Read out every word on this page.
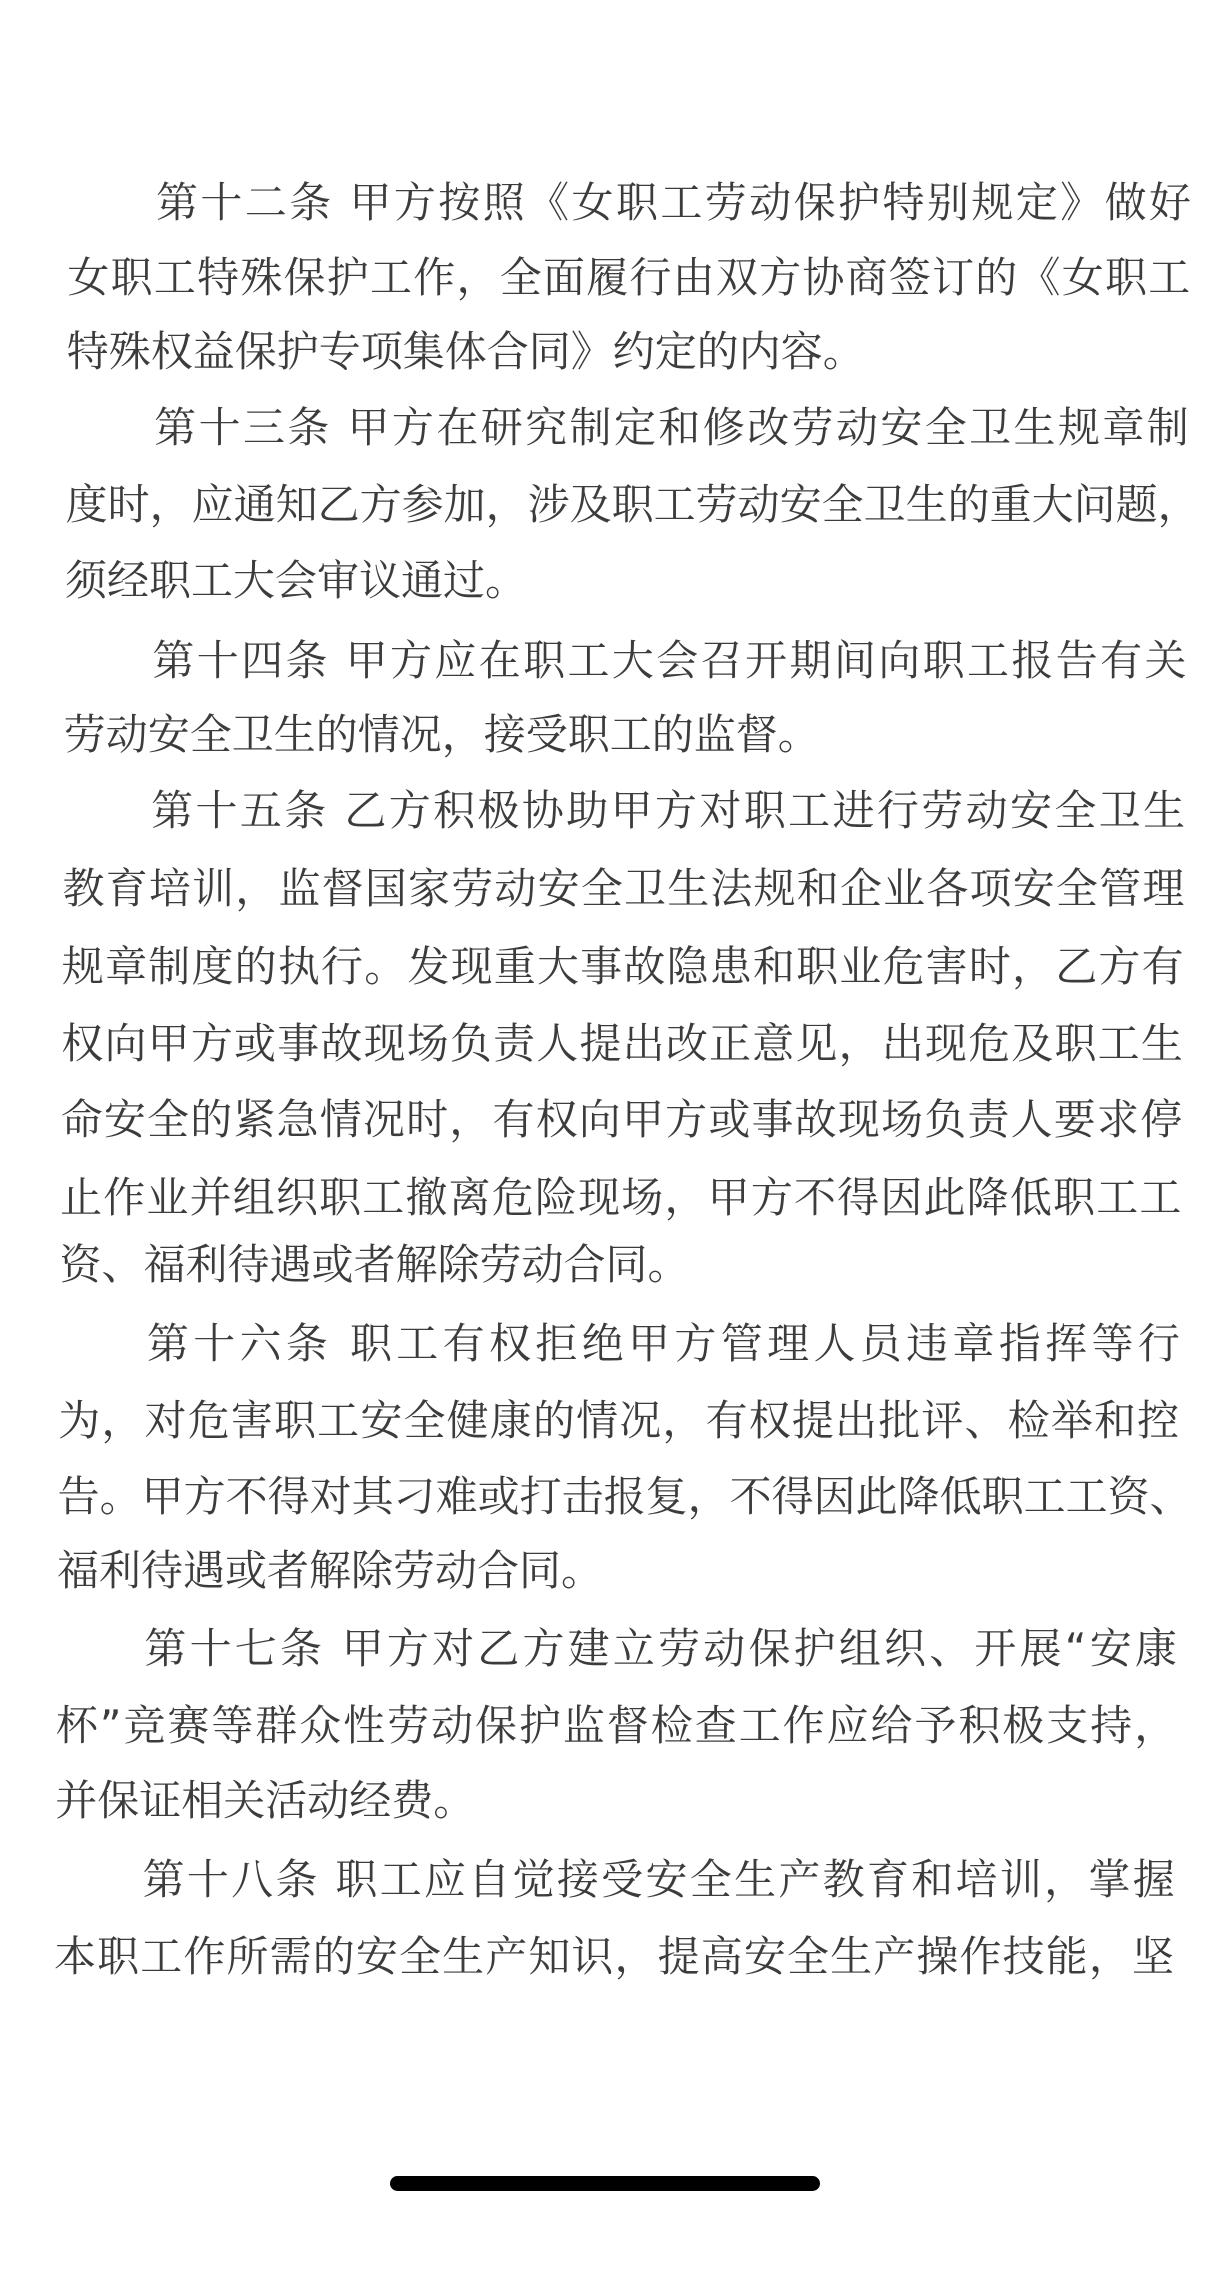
第十二条 甲方按照《女职工劳动保护特别规定》做好
女职工特殊保护工作，全面履行由双方协商签订的《女职工
特殊权益保护专项集体合同》约定的内容。
第十三条 甲方在研究制定和修改劳动安全卫生规章制
度时，应通知乙方参加，涉及职工劳动安全卫生的重大问题，
须经职工大会审议通过。
第十四条 甲方应在职工大会召开期间向职工报告有关
劳动安全卫生的情况，接受职工的监督。
第十五条 乙方积极协助甲方对职工进行劳动安全卫生
教育培训，监督国家劳动安全卫生法规和企业各项安全管理
规章制度的执行。发现重大事故隐患和职业危害时，乙方有
权向甲方或事故现场负责人提出改正意见，出现危及职工生
命安全的紧急情况时，有权向甲方或事故现场负责人要求停
止作业并组织职工撤离危险现场，甲方不得因此降低职工工
资、福利待遇或者解除劳动合同。
第十六条 职工有权拒绝甲方管理人员违章指挥等行
为，对危害职工安全健康的情况，有权提出批评、检举和控
告。甲方不得对其刁难或打击报复，不得因此降低职工工资、
福利待遇或者解除劳动合同。
第十七条 甲方对乙方建立劳动保护组织、开展“安康
杯”竞赛等群众性劳动保护监督检查工作应给予积极支持，
并保证相关活动经费。
第十八条 职工应自觉接受安全生产教育和培训，掌握
本职工作所需的安全生产知识，提高安全生产操作技能，坚
